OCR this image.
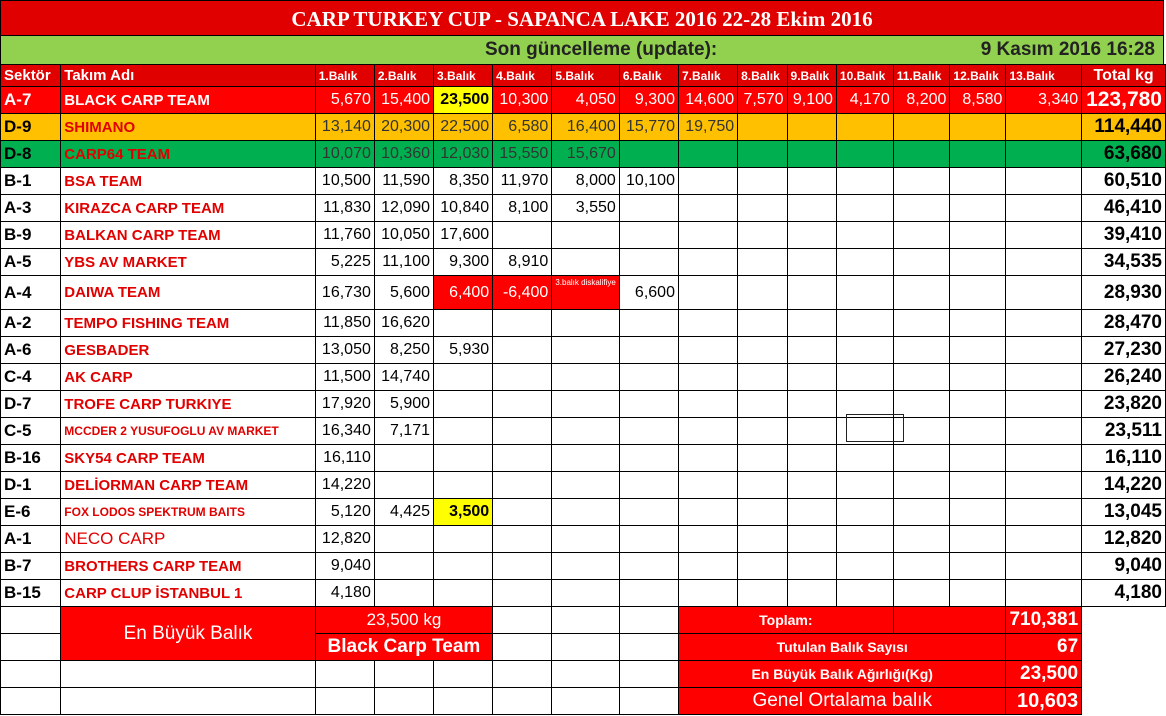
CARP TURKEY CUP - SAPANCA LAKE 2016 22-28 Ekim 2016
Son güncelleme (update):	9 Kasım 2016 16:28
Sektör	Takım Adı	1.Balık	2.Balık	3.Balık	4.Balık	5.Balık	6.Balık	7.Balık	8.Balık	9.Balık	10.Balık	11.Balık	12.Balık	13.Balık	Total kg
A-7	BLACK CARP TEAM	5,670	15,400	23,500	10,300	4,050	9,300	14,600	7,570	9,100	4,170	8,200	8,580	3,340	123,780
D-9	SHIMANO	13,140	20,300	22,500	6,580	16,400	15,770	19,750							114,440
D-8	CARP64 TEAM	10,070	10,360	12,030	15,550	15,670									63,680
B-1	BSA TEAM	10,500	11,590	8,350	11,970	8,000	10,100								60,510
A-3	KIRAZCA CARP TEAM	11,830	12,090	10,840	8,100	3,550									46,410
B-9	BALKAN CARP TEAM	11,760	10,050	17,600											39,410
A-5	YBS AV MARKET	5,225	11,100	9,300	8,910										34,535
A-4	DAIWA TEAM	16,730	5,600	6,400	-6,400	3.balık diskalifiye	6,600								28,930
A-2	TEMPO FISHING TEAM	11,850	16,620												28,470
A-6	GESBADER	13,050	8,250	5,930											27,230
C-4	AK CARP	11,500	14,740												26,240
D-7	TROFE CARP TURKIYE	17,920	5,900												23,820
C-5	MCCDER 2 YUSUFOGLU AV MARKET	16,340	7,171												23,511
B-16	SKY54 CARP TEAM	16,110													16,110
D-1	DELİORMAN CARP TEAM	14,220													14,220
E-6	FOX LODOS SPEKTRUM BAITS	5,120	4,425	3,500											13,045
A-1	NECO CARP	12,820													12,820
B-7	BROTHERS CARP TEAM	9,040													9,040
B-15	CARP CLUP İSTANBUL 1	4,180													4,180
	En Büyük Balık	23,500 kg						Toplam:						710,381	
		Black Carp Team						Tutulan Balık Sayısı						67	
								En Büyük Balık Ağırlığı(Kg)						23,500	
								Genel Ortalama balık						10,603	
